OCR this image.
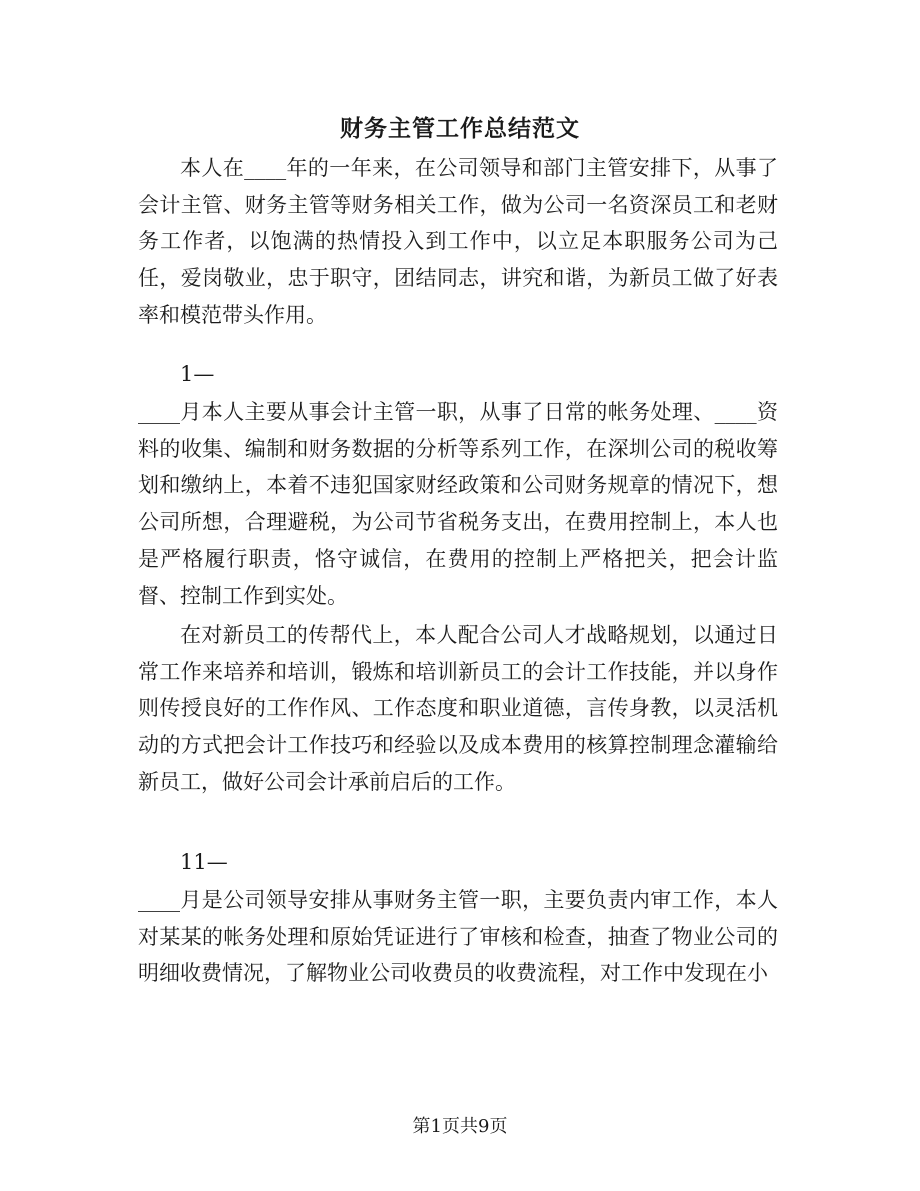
财务主管工作总结范文

本人在____年的一年来，在公司领导和部门主管安排下，从事了会计主管、财务主管等财务相关工作，做为公司一名资深员工和老财务工作者，以饱满的热情投入到工作中，以立足本职服务公司为己任，爱岗敬业，忠于职守，团结同志，讲究和谐，为新员工做了好表率和模范带头作用。

1—

____月本人主要从事会计主管一职，从事了日常的帐务处理、____资料的收集、编制和财务数据的分析等系列工作，在深圳公司的税收筹划和缴纳上，本着不违犯国家财经政策和公司财务规章的情况下，想公司所想，合理避税，为公司节省税务支出，在费用控制上，本人也是严格履行职责，恪守诚信，在费用的控制上严格把关，把会计监督、控制工作到实处。

在对新员工的传帮代上，本人配合公司人才战略规划，以通过日常工作来培养和培训，锻炼和培训新员工的会计工作技能，并以身作则传授良好的工作作风、工作态度和职业道德，言传身教，以灵活机动的方式把会计工作技巧和经验以及成本费用的核算控制理念灌输给新员工，做好公司会计承前启后的工作。

11—

____月是公司领导安排从事财务主管一职，主要负责内审工作，本人对某某的帐务处理和原始凭证进行了审核和检查，抽查了物业公司的明细收费情况，了解物业公司收费员的收费流程，对工作中发现在小

第1页共9页
